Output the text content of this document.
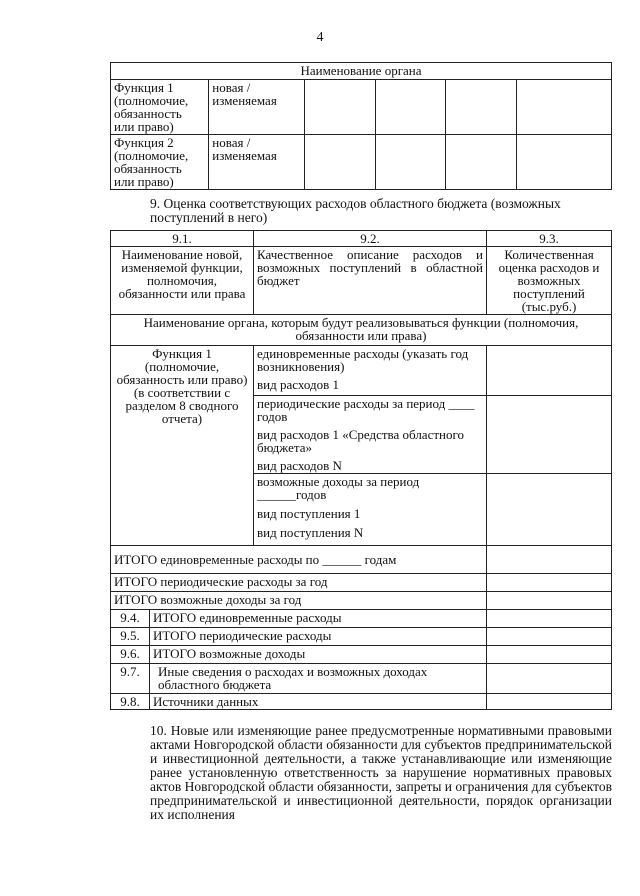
4
Наименование органа					
Функция 1 (полномочие, обязанность или право)	новая / изменяемая				
Функция 2 (полномочие, обязанность или право)	новая / изменяемая				
9. Оценка соответствующих расходов областного бюджета (возможных поступлений в него)
9.1.		9.2.	9.3.
Наименование новой, изменяемой функции, полномочия, обязанности или права		Качественное описание расходов и возможных поступлений в областной бюджет	Количественная оценка расходов и возможных поступлений (тыс.руб.)
Наименование органа, которым будут реализовываться функции (полномочия, обязанности или права)			
Функция 1 (полномочие, обязанность или право) (в соответствии с разделом 8 сводного отчета)		единовременные расходы (указать год возникновения)
вид расходов 1	

		периодические расходы за период ____ годов
вид расходов 1 «Средства областного бюджета»
вид расходов N	

		возможные доходы за период ______годов
вид поступления 1
вид поступления N	

ИТОГО единовременные расходы по ______ годам			
ИТОГО периодические расходы за год			
ИТОГО возможные доходы за год			
9.4.	ИТОГО единовременные расходы		
9.5.	ИТОГО периодические расходы		
9.6.	ИТОГО возможные доходы		
9.7.	Иные сведения о расходах и возможных доходах областного бюджета		
9.8.	Источники данных		
10. Новые или изменяющие ранее предусмотренные нормативными правовыми актами Новгородской области обязанности для субъектов предпринимательской и инвестиционной деятельности, а также устанавливающие или изменяющие ранее установленную ответственность за нарушение нормативных правовых актов Новгородской области обязанности, запреты и ограничения для субъектов предпринимательской и инвестиционной деятельности, порядок организации их исполнения
